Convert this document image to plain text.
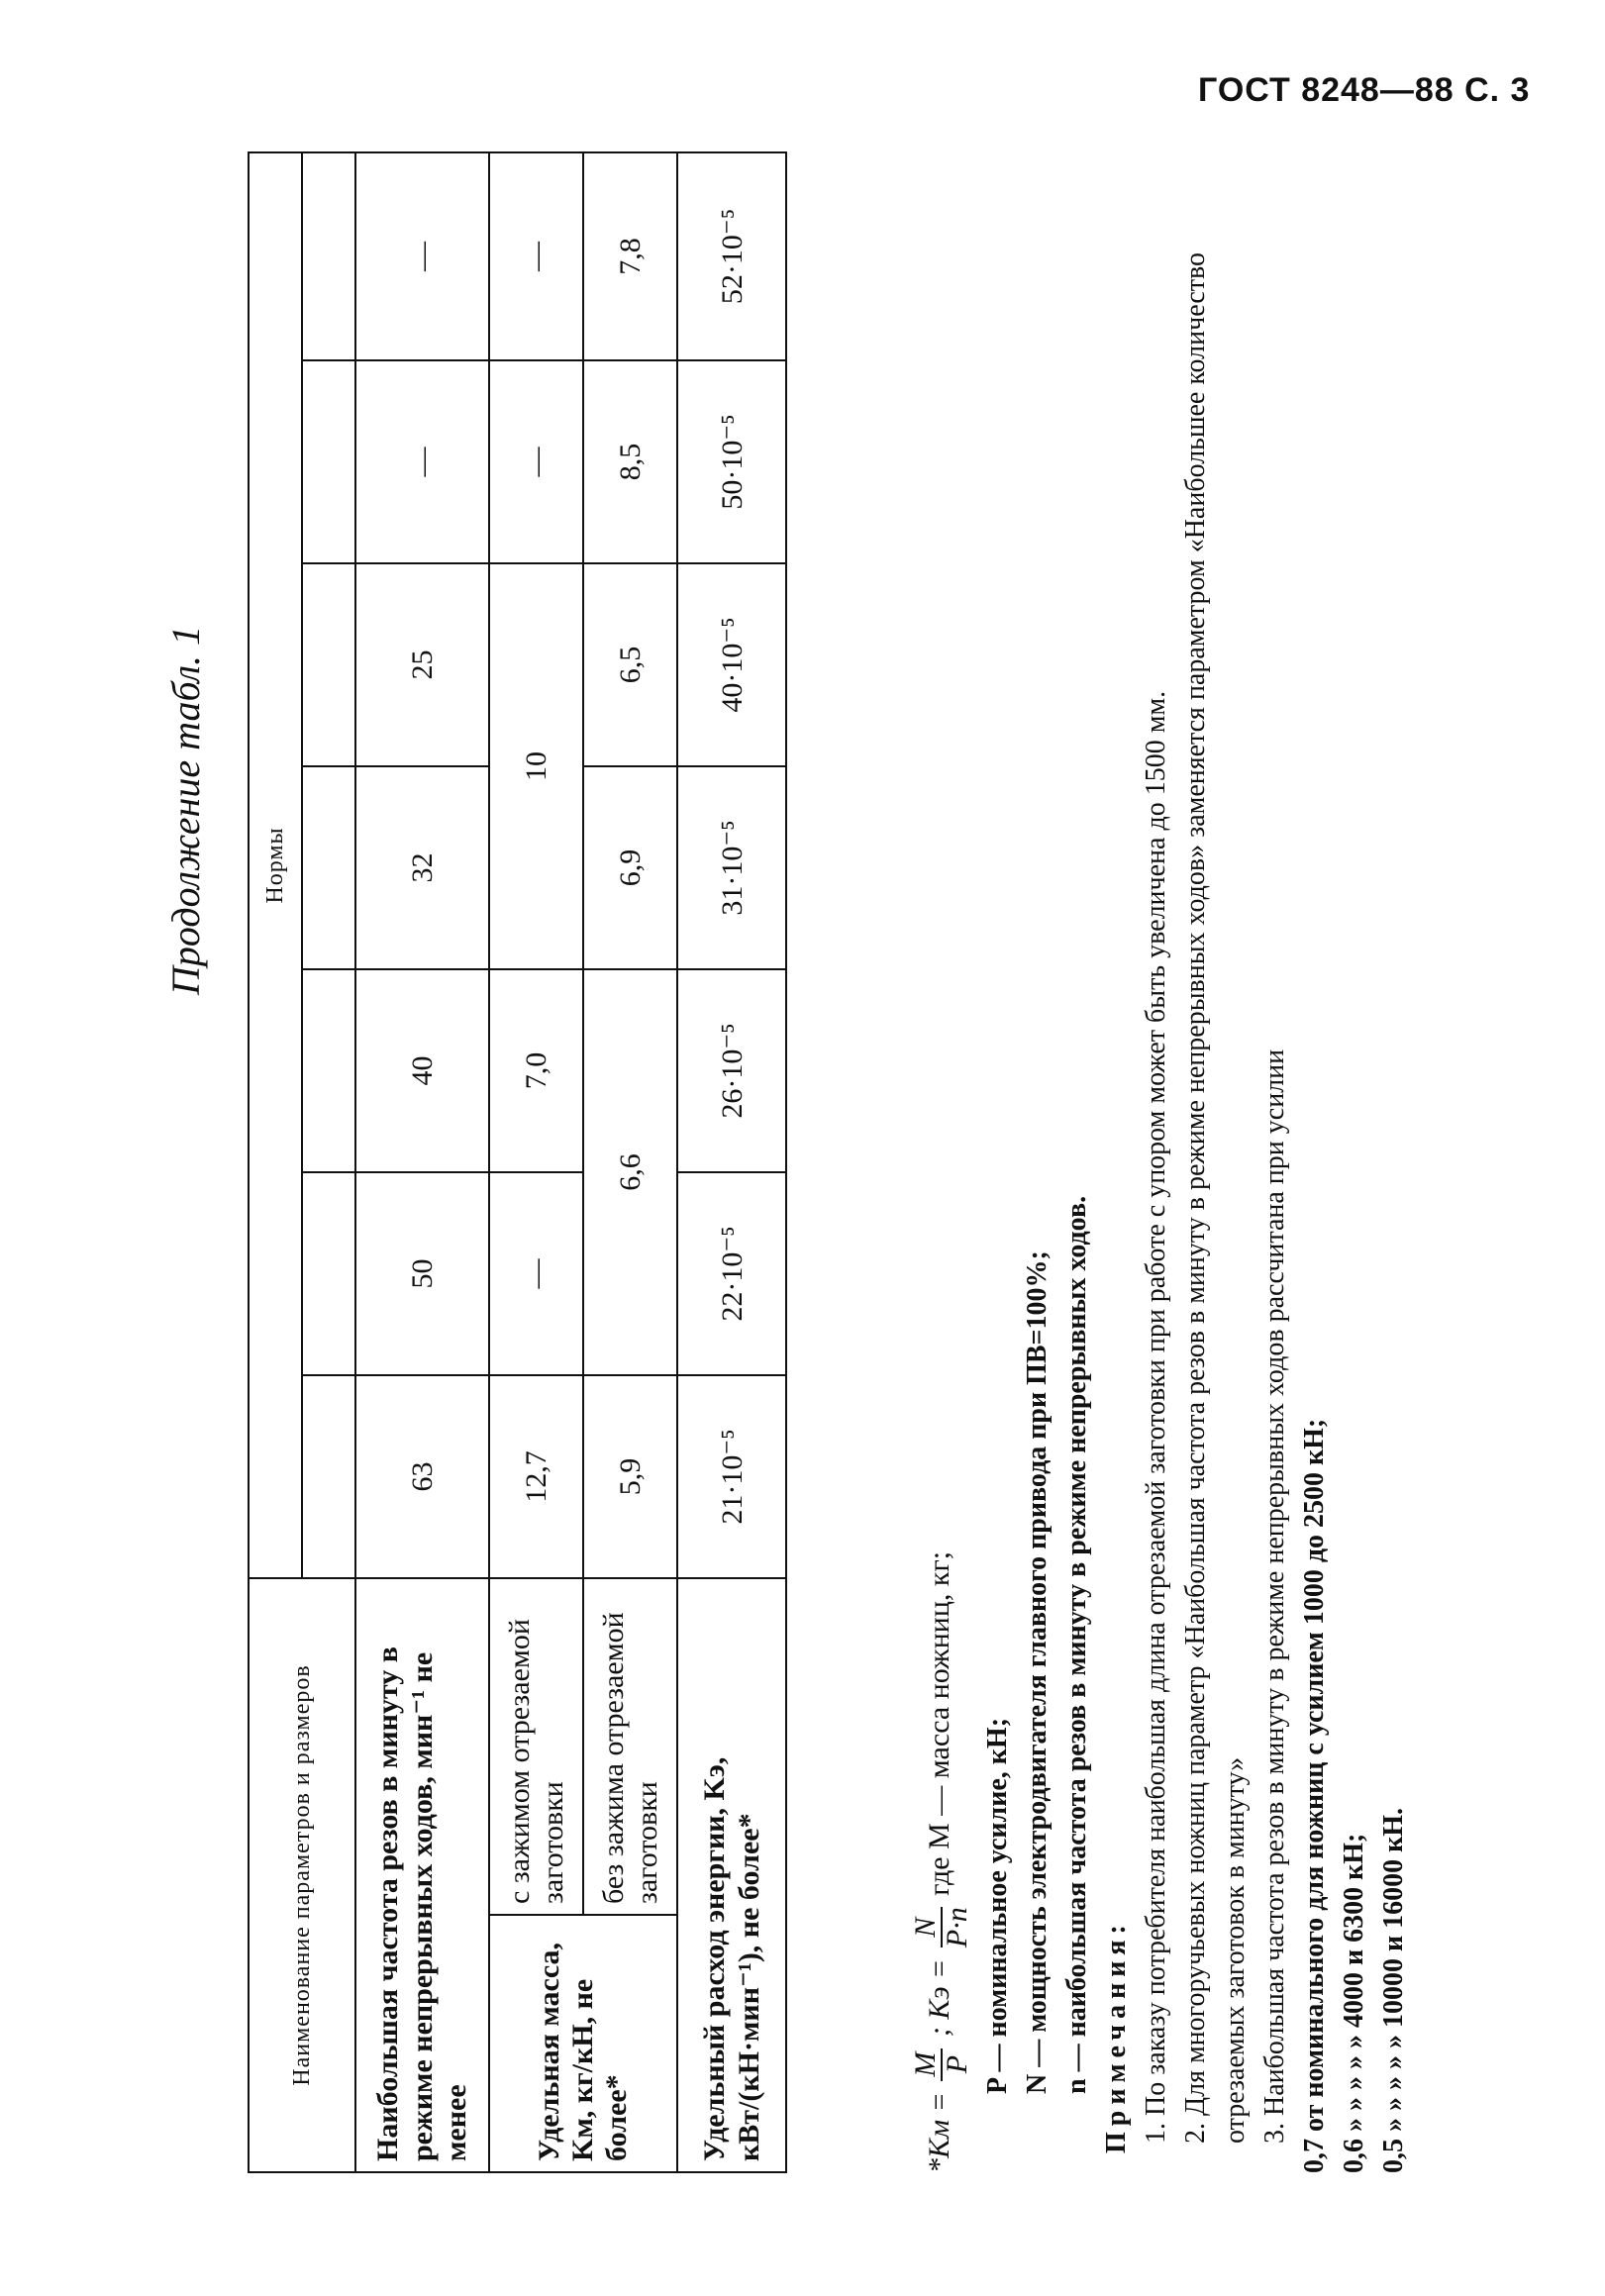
ГОСТ 8248—88 С. 3
Продолжение табл. 1
Наименование параметров и размеров		Нормы						

Наибольшая частота резов в минуту в режиме непрерывных ходов, мин⁻¹ не менее		63	50	40	32	25	—	—
Удельная масса, Kм, кг/кН, не более*	с зажимом отрезаемой заготовки	12,7	—	7,0	10		—	—
	без зажима отрезаемой заготовки	5,9	6,6		6,9	6,5	8,5	7,8
Удельный расход энергии, Kэ, кВт/(кН·мин⁻¹), не более*		21·10⁻⁵	22·10⁻⁵	26·10⁻⁵	31·10⁻⁵	40·10⁻⁵	50·10⁻⁵	52·10⁻⁵
*Kм =
M P
; Kэ =
N P·n
где M — масса ножниц, кг; P — номинальное усилие, кН; N — мощность электродвигателя главного привода при ПВ=100%; n — наибольшая частота резов в минуту в режиме непрерывных ходов. Примечания: 1. По заказу потребителя наибольшая длина отрезаемой заготовки при работе с упором может быть увеличена до 1500 мм. 2. Для многоручьевых ножниц параметр «Наибольшая частота резов в минуту в режиме непрерывных ходов» заменяется параметром «Наибольшее количество отрезаемых заготовок в минуту» 3. Наибольшая частота резов в минуту в режиме непрерывных ходов рассчитана при усилии 0,7 от номинального для ножниц с усилием 1000 до 2500 кН; 0,6 » » » » » 4000 и 6300 кН; 0,5 » » » » » 10000 и 16000 кН.
